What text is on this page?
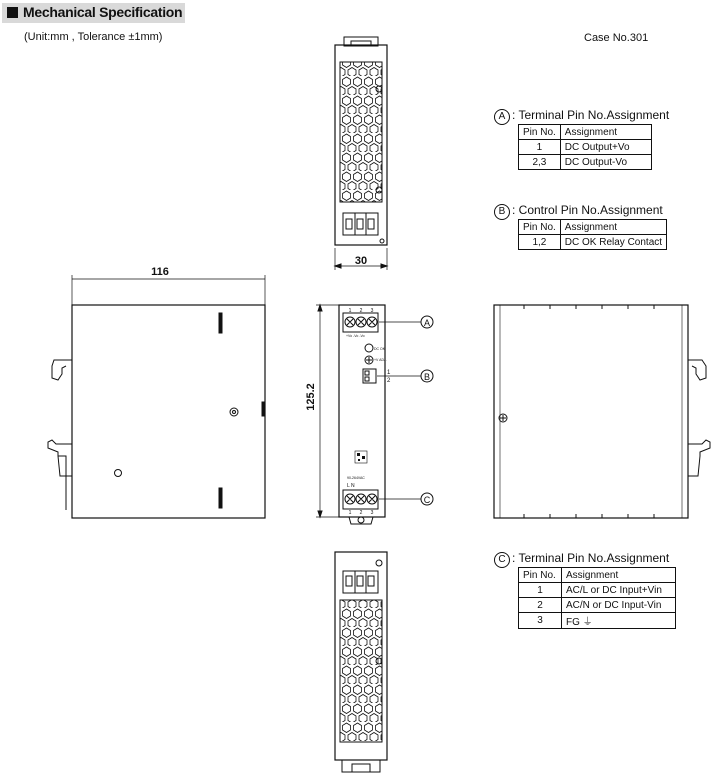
Mechanical Specification
(Unit:mm , Tolerance ±1mm)	Case No.301
116
30
125.2
A
B
C
1 2 3
+Vo -Vo -Vo
DC OK
+V ADJ.
1
2
90-264VAC
L N
1 2 3
A : Terminal Pin No.Assignment
Pin No.	Assignment
1	DC Output+Vo
2,3	DC Output-Vo
B : Control Pin No.Assignment
Pin No.	Assignment
1,2	DC OK Relay Contact
C : Terminal Pin No.Assignment
Pin No.	Assignment
1	AC/L or DC Input+Vin
2	AC/N or DC Input-Vin
3	FG ⏚
